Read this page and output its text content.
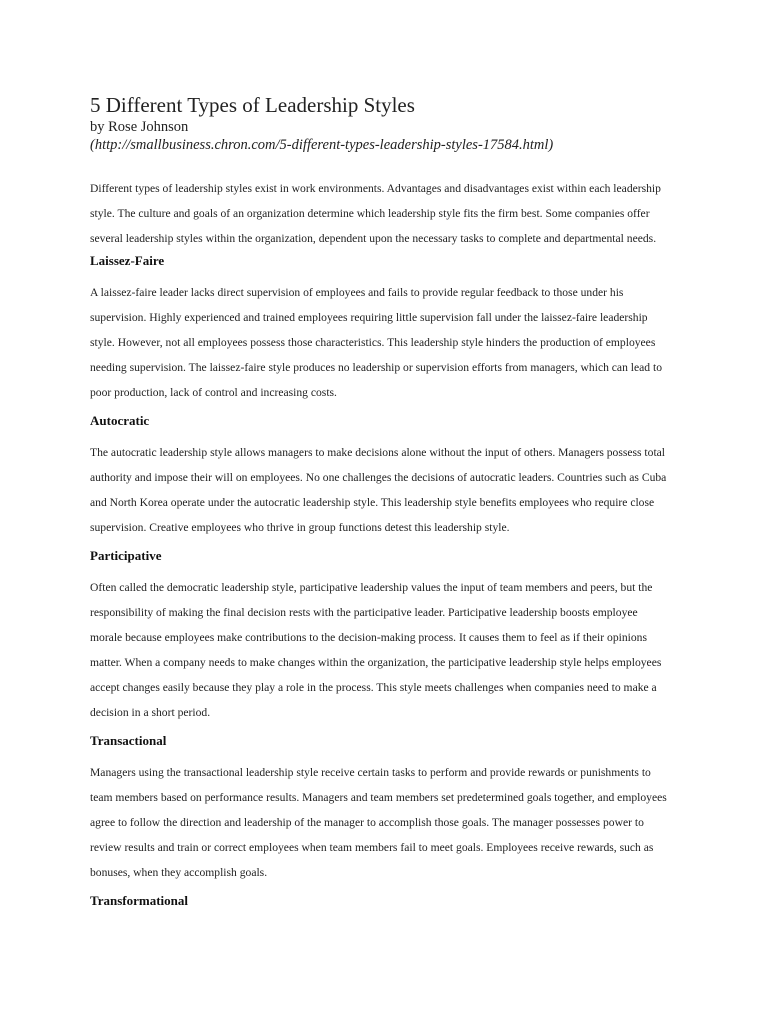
5 Different Types of Leadership Styles

by Rose Johnson

(http://smallbusiness.chron.com/5-different-types-leadership-styles-17584.html)

Different types of leadership styles exist in work environments. Advantages and disadvantages exist within each leadership style. The culture and goals of an organization determine which leadership style fits the firm best. Some companies offer several leadership styles within the organization, dependent upon the necessary tasks to complete and departmental needs.

Laissez-Faire

A laissez-faire leader lacks direct supervision of employees and fails to provide regular feedback to those under his supervision. Highly experienced and trained employees requiring little supervision fall under the laissez-faire leadership style. However, not all employees possess those characteristics. This leadership style hinders the production of employees needing supervision. The laissez-faire style produces no leadership or supervision efforts from managers, which can lead to poor production, lack of control and increasing costs.

Autocratic

The autocratic leadership style allows managers to make decisions alone without the input of others. Managers possess total authority and impose their will on employees. No one challenges the decisions of autocratic leaders. Countries such as Cuba and North Korea operate under the autocratic leadership style. This leadership style benefits employees who require close supervision. Creative employees who thrive in group functions detest this leadership style.

Participative

Often called the democratic leadership style, participative leadership values the input of team members and peers, but the responsibility of making the final decision rests with the participative leader. Participative leadership boosts employee morale because employees make contributions to the decision-making process. It causes them to feel as if their opinions matter. When a company needs to make changes within the organization, the participative leadership style helps employees accept changes easily because they play a role in the process. This style meets challenges when companies need to make a decision in a short period.

Transactional

Managers using the transactional leadership style receive certain tasks to perform and provide rewards or punishments to team members based on performance results. Managers and team members set predetermined goals together, and employees agree to follow the direction and leadership of the manager to accomplish those goals. The manager possesses power to review results and train or correct employees when team members fail to meet goals. Employees receive rewards, such as bonuses, when they accomplish goals.

Transformational
